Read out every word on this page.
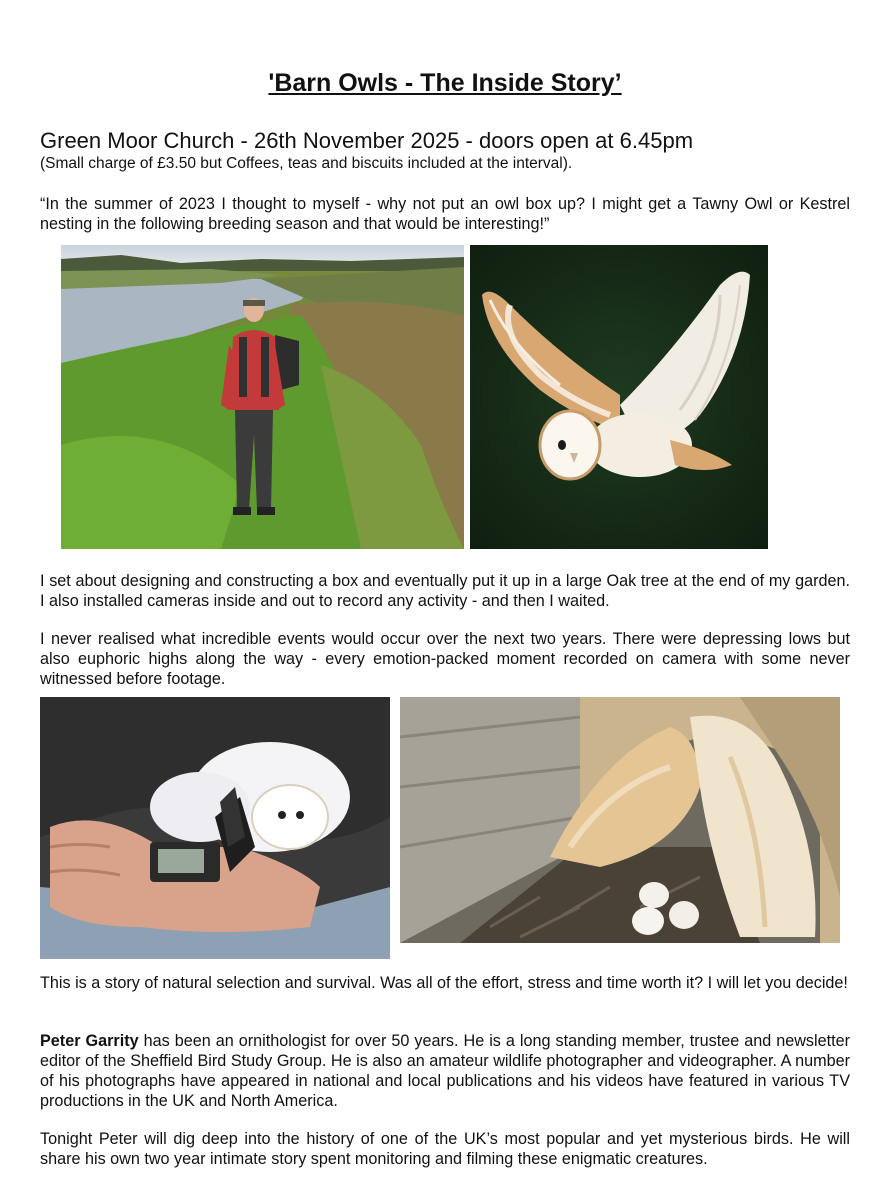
'Barn Owls - The Inside Story’
Green Moor Church - 26th November 2025 - doors open at 6.45pm

(Small charge of £3.50 but Coffees, teas and biscuits included at the interval).

“In the summer of 2023 I thought to myself - why not put an owl box up? I might get a Tawny Owl or Kestrel nesting in the following breeding season and that would be interesting!”

I set about designing and constructing a box and eventually put it up in a large Oak tree at the end of my garden. I also installed cameras inside and out to record any activity - and then I waited.

I never realised what incredible events would occur over the next two years. There were depressing lows but also euphoric highs along the way - every emotion-packed moment recorded on camera with some never witnessed before footage.

This is a story of natural selection and survival. Was all of the effort, stress and time worth it? I will let you decide!

Peter Garrity has been an ornithologist for over 50 years. He is a long standing member, trustee and newsletter editor of the Sheffield Bird Study Group. He is also an amateur wildlife photographer and videographer. A number of his photographs have appeared in national and local publications and his videos have featured in various TV productions in the UK and North America.

Tonight Peter will dig deep into the history of one of the UK’s most popular and yet mysterious birds. He will share his own two year intimate story spent monitoring and filming these enigmatic creatures.
